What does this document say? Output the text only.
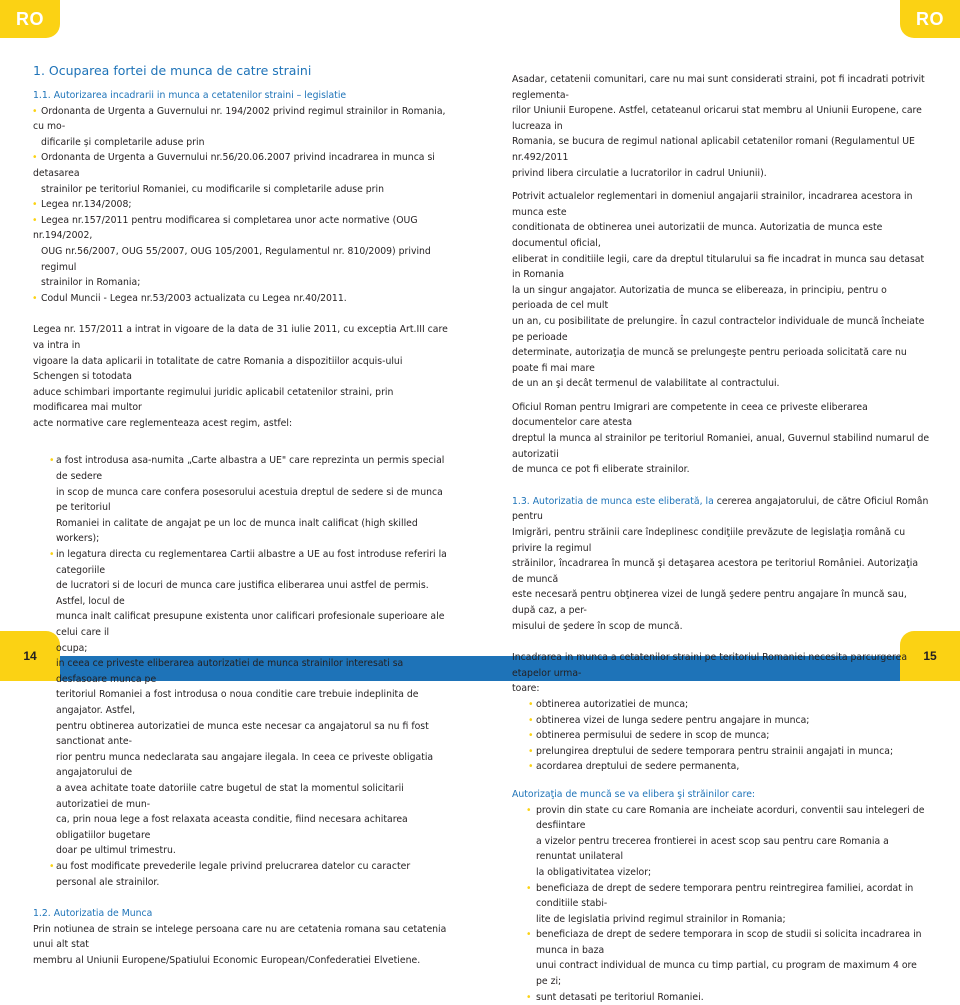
RO	RO
14	15
1. Ocuparea fortei de munca de catre straini
1.1. Autorizarea incadrarii in munca a cetatenilor straini – legislatie
• Ordonanta de Urgenta a Guvernului nr. 194/2002 privind regimul strainilor in Romania, cu mo-
dificarile și completarile aduse prin
• Ordonanta de Urgenta a Guvernului nr.56/20.06.2007 privind incadrarea in munca si detasarea
strainilor pe teritoriul Romaniei, cu modificarile si completarile aduse prin
• Legea nr.134/2008;
• Legea nr.157/2011 pentru modificarea si completarea unor acte normative (OUG nr.194/2002,
OUG nr.56/2007, OUG 55/2007, OUG 105/2001, Regulamentul nr. 810/2009) privind regimul
strainilor in Romania;
• Codul Muncii - Legea nr.53/2003 actualizata cu Legea nr.40/2011.

Legea nr. 157/2011 a intrat in vigoare de la data de 31 iulie 2011, cu exceptia Art.III care va intra in

vigoare la data aplicarii in totalitate de catre Romania a dispozitiilor acquis-ului Schengen si totodata

aduce schimbari importante regimului juridic aplicabil cetatenilor straini, prin modificarea mai multor

acte normative care reglementeaza acest regim, astfel:

• a fost introdusa asa-numita „Carte albastra a UE" care reprezinta un permis special de sedere
in scop de munca care confera posesorului acestuia dreptul de sedere si de munca pe teritoriul
Romaniei in calitate de angajat pe un loc de munca inalt calificat (high skilled workers);
• in legatura directa cu reglementarea Cartii albastre a UE au fost introduse referiri la categoriile
de lucratori si de locuri de munca care justifica eliberarea unui astfel de permis. Astfel, locul de
munca inalt calificat presupune existenta unor calificari profesionale superioare ale celui care il
ocupa;
• in ceea ce priveste eliberarea autorizatiei de munca strainilor interesati sa desfasoare munca pe
teritoriul Romaniei a fost introdusa o noua conditie care trebuie indeplinita de angajator. Astfel,
pentru obtinerea autorizatiei de munca este necesar ca angajatorul sa nu fi fost sanctionat ante-
rior pentru munca nedeclarata sau angajare ilegala. In ceea ce priveste obligatia angajatorului de
a avea achitate toate datoriile catre bugetul de stat la momentul solicitarii autorizatiei de mun-
ca, prin noua lege a fost relaxata aceasta conditie, fiind necesara achitarea obligatiilor bugetare
doar pe ultimul trimestru.
• au fost modificate prevederile legale privind prelucrarea datelor cu caracter personal ale strainilor.
1.2. Autorizatia de Munca

Prin notiunea de strain se intelege persoana care nu are cetatenia romana sau cetatenia unui alt stat

membru al Uniunii Europene/Spatiului Economic European/Confederatiei Elvetiene.

Asadar, cetatenii comunitari, care nu mai sunt considerati straini, pot fi incadrati potrivit reglementa-

rilor Uniunii Europene. Astfel, cetateanul oricarui stat membru al Uniunii Europene, care lucreaza in

Romania, se bucura de regimul national aplicabil cetatenilor romani (Regulamentul UE nr.492/2011

privind libera circulatie a lucratorilor in cadrul Uniunii).

Potrivit actualelor reglementari in domeniul angajarii strainilor, incadrarea acestora in munca este

conditionata de obtinerea unei autorizatii de munca. Autorizatia de munca este documentul oficial,

eliberat in conditiile legii, care da dreptul titularului sa fie incadrat in munca sau detasat in Romania

la un singur angajator. Autorizatia de munca se elibereaza, in principiu, pentru o perioada de cel mult

un an, cu posibilitate de prelungire. În cazul contractelor individuale de muncă încheiate pe perioade

determinate, autorizaţia de muncă se prelungeşte pentru perioada solicitată care nu poate fi mai mare

de un an şi decât termenul de valabilitate al contractului.

Oficiul Roman pentru Imigrari are competente in ceea ce priveste eliberarea documentelor care atesta

dreptul la munca al strainilor pe teritoriul Romaniei, anual, Guvernul stabilind numarul de autorizatii

de munca ce pot fi eliberate strainilor.

1.3. Autorizatia de munca este eliberată, la cererea angajatorului, de către Oficiul Român pentru

Imigrări, pentru străinii care îndeplinesc condiţiile prevăzute de legislaţia română cu privire la regimul

străinilor, încadrarea în muncă şi detaşarea acestora pe teritoriul României. Autorizaţia de muncă

este necesară pentru obţinerea vizei de lungă şedere pentru angajare în muncă sau, după caz, a per-

misului de şedere în scop de muncă.

Incadrarea in munca a cetatenilor straini pe teritoriul Romaniei necesita parcurgerea etapelor urma-

toare:

• obtinerea autorizatiei de munca;
• obtinerea vizei de lunga sedere pentru angajare in munca;
• obtinerea permisului de sedere in scop de munca;
• prelungirea dreptului de sedere temporara pentru strainii angajati in munca;
• acordarea dreptului de sedere permanenta,
Autorizaţia de muncă se va elibera şi străinilor care:
• provin din state cu care Romania are incheiate acorduri, conventii sau intelegeri de desfiintare
a vizelor pentru trecerea frontierei in acest scop sau pentru care Romania a renuntat unilateral
la obligativitatea vizelor;
• beneficiaza de drept de sedere temporara pentru reintregirea familiei, acordat in conditiile stabi-
lite de legislatia privind regimul strainilor in Romania;
• beneficiaza de drept de sedere temporara in scop de studii si solicita incadrarea in munca in baza
unui contract individual de munca cu timp partial, cu program de maximum 4 ore pe zi;
• sunt detasati pe teritoriul Romaniei.
